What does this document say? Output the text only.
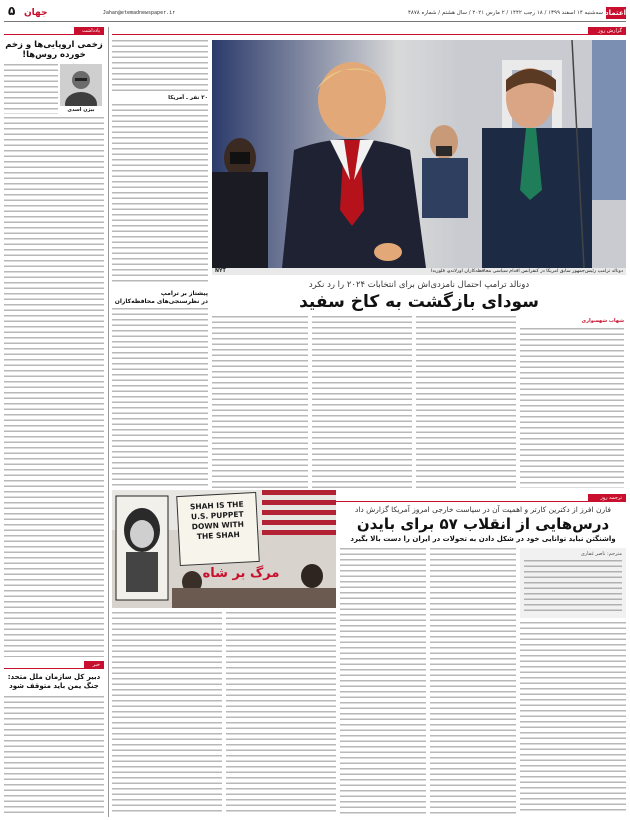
اعتماد
سه‌شنبه ۱۴ اسفند ۱۳۹۹ / ۱۸ رجب ۱۴۴۲ / ۲ مارس ۲۰۲۱ / سال هشتم / شماره ۴۸۷۸
Jahan@etemadnewspaper.ir
جهان
۵
یادداشت
زخمی اروپایی‌ها و زخم خورده روس‌ها!
بیژن اسدی
خبر
دبیر کل سازمان ملل متحد:
جنگ یمن باید متوقف شود
گزارش روز
دونالد ترامپ رئیس‌جمهور سابق آمریکا در کنفرانس اقدام سیاسی محافظه‌کاران اورلاندو، فلوریدا
NYT
۲۰ نفر ـ آمریکا
دونالد ترامپ احتمال نامزدی‌اش برای انتخابات ۲۰۲۴ را رد نکرد
سودای بازگشت به کاخ سفید
پیشتاز بر ترامپ
در نظرسنجی‌های محافظه‌کاران
شهاب شهسواری
ترجمه روز
فارن افرز از دکترین کارتر و اهمیت آن در سیاست خارجی امروز آمریکا گزارش داد
درس‌هایی از انقلاب ۵۷ برای بایدن
واشنگتن نباید توانایی خود در شکل دادن به تحولات در ایران را دست بالا بگیرد
SHAH IS THE
U.S. PUPPET
DOWN WITH
THE SHAH
مرگ بر شاه
مترجم: ناصر غفاری
